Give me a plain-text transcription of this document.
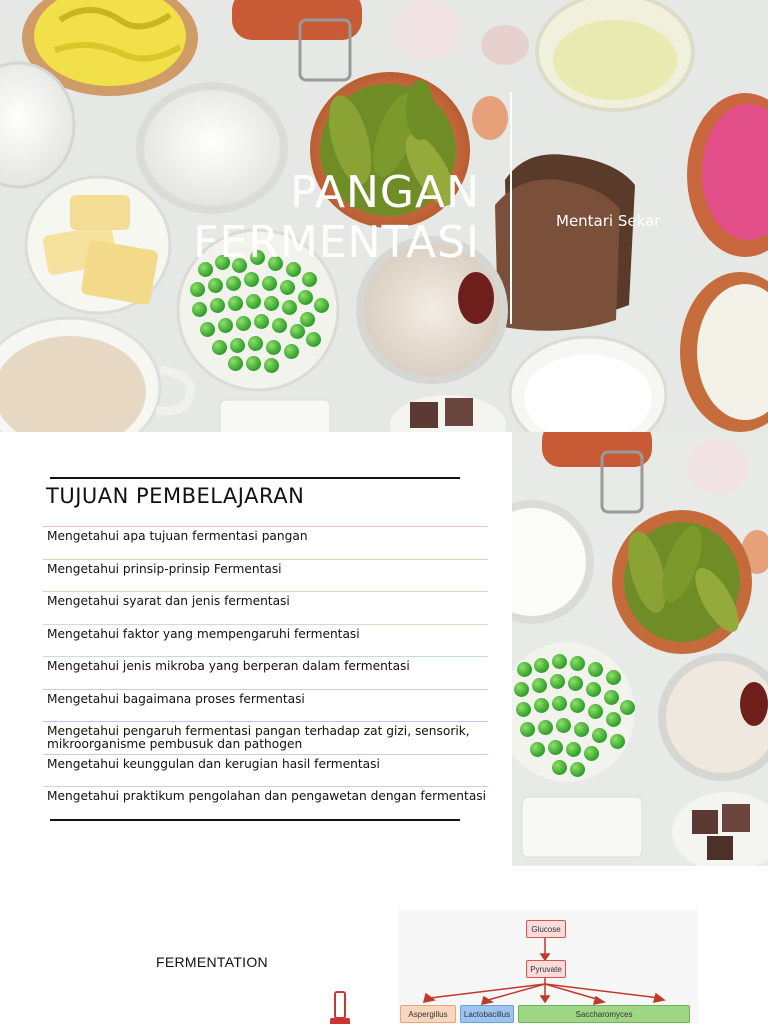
PANGAN FERMENTASI	Mentari Sekar
TUJUAN PEMBELAJARAN
Mengetahui apa tujuan fermentasi pangan
Mengetahui prinsip-prinsip Fermentasi
Mengetahui syarat dan jenis fermentasi
Mengetahui faktor yang mempengaruhi fermentasi
Mengetahui jenis mikroba yang berperan dalam fermentasi
Mengetahui bagaimana proses fermentasi
Mengetahui pengaruh fermentasi pangan terhadap zat gizi, sensorik, mikroorganisme pembusuk dan pathogen
Mengetahui keunggulan dan kerugian hasil fermentasi
Mengetahui praktikum pengolahan dan pengawetan dengan fermentasi
FERMENTATION
Glucose
Pyruvate
Aspergillus	Lactobacillus	Saccharomyces
